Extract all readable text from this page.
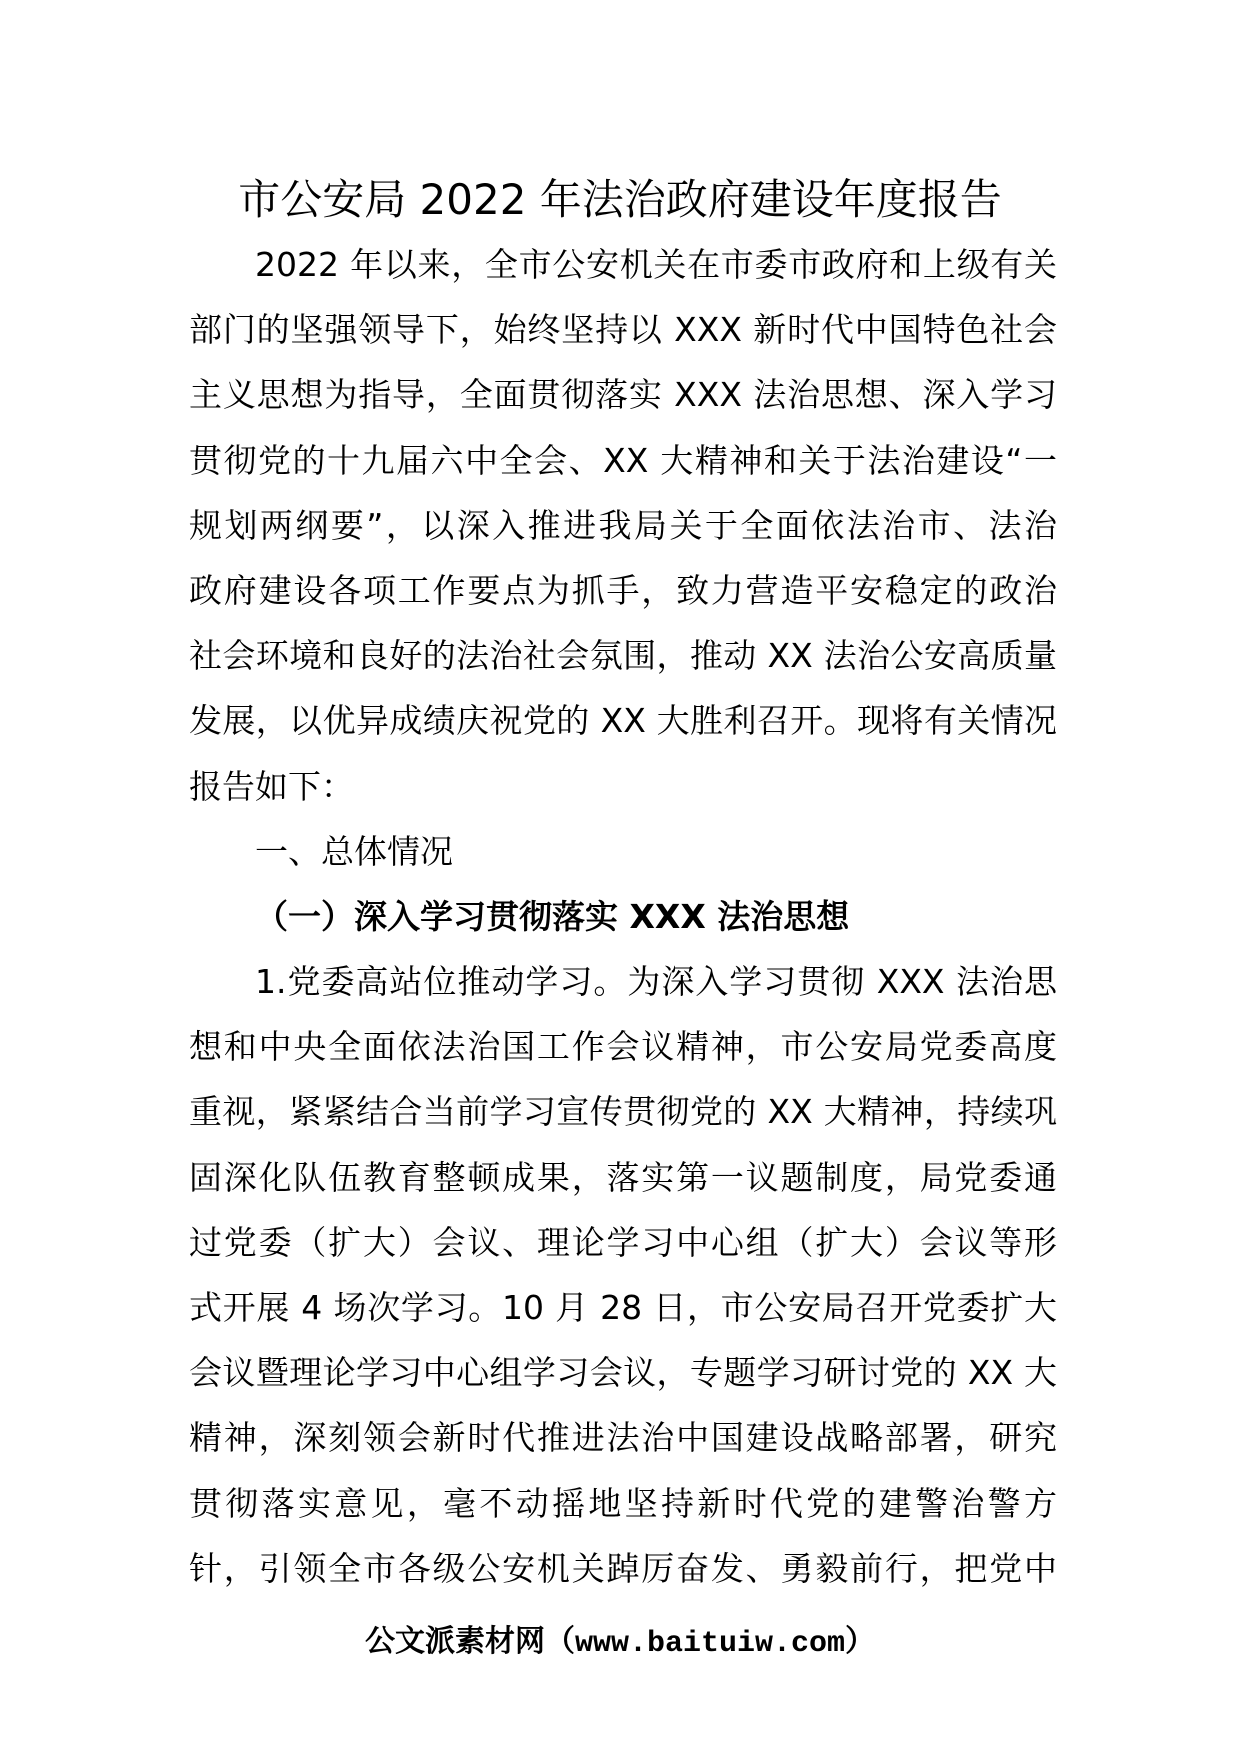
市公安局 2022 年法治政府建设年度报告
2022 年以来，全市公安机关在市委市政府和上级有关
部门的坚强领导下，始终坚持以 XXX 新时代中国特色社会
主义思想为指导，全面贯彻落实 XXX 法治思想、深入学习
贯彻党的十九届六中全会、XX 大精神和关于法治建设“一
规划两纲要”，以深入推进我局关于全面依法治市、法治
政府建设各项工作要点为抓手，致力营造平安稳定的政治
社会环境和良好的法治社会氛围，推动 XX 法治公安高质量
发展，以优异成绩庆祝党的 XX 大胜利召开。现将有关情况
报告如下：
一、总体情况
（一）深入学习贯彻落实 XXX 法治思想
1.党委高站位推动学习。为深入学习贯彻 XXX 法治思
想和中央全面依法治国工作会议精神，市公安局党委高度
重视，紧紧结合当前学习宣传贯彻党的 XX 大精神，持续巩
固深化队伍教育整顿成果，落实第一议题制度，局党委通
过党委（扩大）会议、理论学习中心组（扩大）会议等形
式开展 4 场次学习。10 月 28 日，市公安局召开党委扩大
会议暨理论学习中心组学习会议，专题学习研讨党的 XX 大
精神，深刻领会新时代推进法治中国建设战略部署，研究
贯彻落实意见，毫不动摇地坚持新时代党的建警治警方
针，引领全市各级公安机关踔厉奋发、勇毅前行，把党中
公文派素材网（www.baituiw.com）
